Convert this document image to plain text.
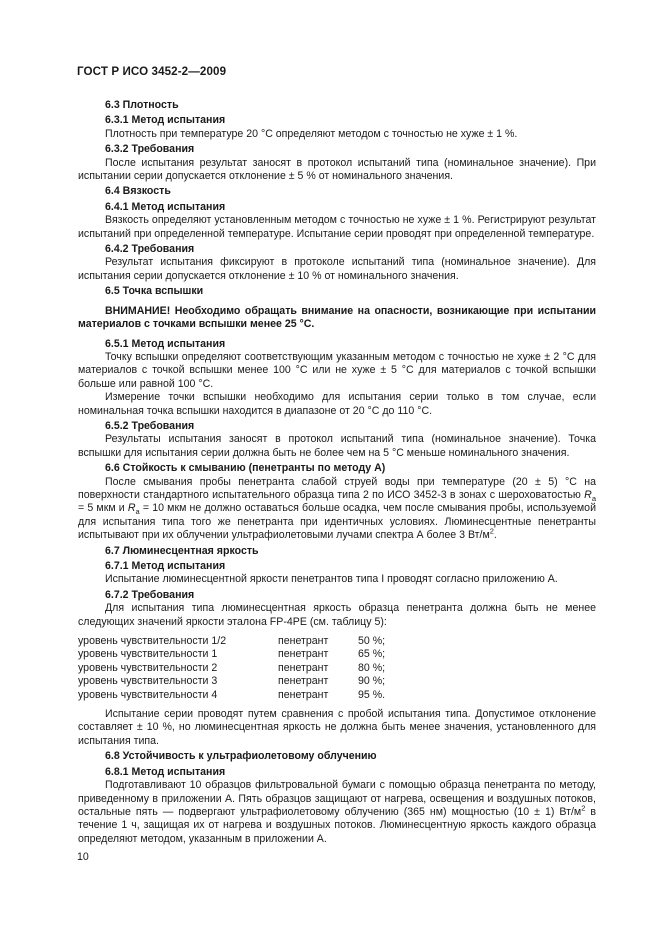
ГОСТ Р ИСО 3452-2—2009

6.3 Плотность

6.3.1 Метод испытания

Плотность при температуре 20 °С определяют методом с точностью не хуже ± 1 %.

6.3.2 Требования

После испытания результат заносят в протокол испытаний типа (номинальное значение). При испытании серии допускается отклонение ± 5 % от номинального значения.

6.4 Вязкость

6.4.1 Метод испытания

Вязкость определяют установленным методом с точностью не хуже ± 1 %. Регистрируют результат испытаний при определенной температуре. Испытание серии проводят при определенной температуре.

6.4.2 Требования

Результат испытания фиксируют в протоколе испытаний типа (номинальное значение). Для испытания серии допускается отклонение ± 10 % от номинального значения.

6.5 Точка вспышки

ВНИМАНИЕ! Необходимо обращать внимание на опасности, возникающие при испытании материалов с точками вспышки менее 25 °С.

6.5.1 Метод испытания

Точку вспышки определяют соответствующим указанным методом с точностью не хуже ± 2 °С для материалов с точкой вспышки менее 100 °С или не хуже ± 5 °С для материалов с точкой вспышки больше или равной 100 °С.

Измерение точки вспышки необходимо для испытания серии только в том случае, если номинальная точка вспышки находится в диапазоне от 20 °С до 110 °С.

6.5.2 Требования

Результаты испытания заносят в протокол испытаний типа (номинальное значение). Точка вспышки для испытания серии должна быть не более чем на 5 °С меньше номинального значения.

6.6 Стойкость к смыванию (пенетранты по методу А)

После смывания пробы пенетранта слабой струей воды при температуре (20 ± 5) °С на поверхности стандартного испытательного образца типа 2 по ИСО 3452-3 в зонах с шероховатостью $R_a = 5$ мкм и $R_a = 10$ мкм не должно оставаться больше осадка, чем после смывания пробы, используемой для испытания типа того же пенетранта при идентичных условиях. Люминесцентные пенетранты испытывают при их облучении ультрафиолетовыми лучами спектра А более 3 $Вт/м^2$.

6.7 Люминесцентная яркость

6.7.1 Метод испытания

Испытание люминесцентной яркости пенетрантов типа I проводят согласно приложению А.

6.7.2 Требования

Для испытания типа люминесцентная яркость образца пенетранта должна быть не менее следующих значений яркости эталона FP-4PE (см. таблицу 5):

уровень чувствительности 1/2	пенетрант	50 %;
уровень чувствительности 1	пенетрант	65 %;
уровень чувствительности 2	пенетрант	80 %;
уровень чувствительности 3	пенетрант	90 %;
уровень чувствительности 4	пенетрант	95 %.

Испытание серии проводят путем сравнения с пробой испытания типа. Допустимое отклонение составляет ± 10 %, но люминесцентная яркость не должна быть менее значения, установленного для испытания типа.

6.8 Устойчивость к ультрафиолетовому облучению

6.8.1 Метод испытания

Подготавливают 10 образцов фильтровальной бумаги с помощью образца пенетранта по методу, приведенному в приложении А. Пять образцов защищают от нагрева, освещения и воздушных потоков, остальные пять — подвергают ультрафиолетовому облучению (365 нм) мощностью (10 ± 1) $Вт/м^2$ в течение 1 ч, защищая их от нагрева и воздушных потоков. Люминесцентную яркость каждого образца определяют методом, указанным в приложении А.

10
